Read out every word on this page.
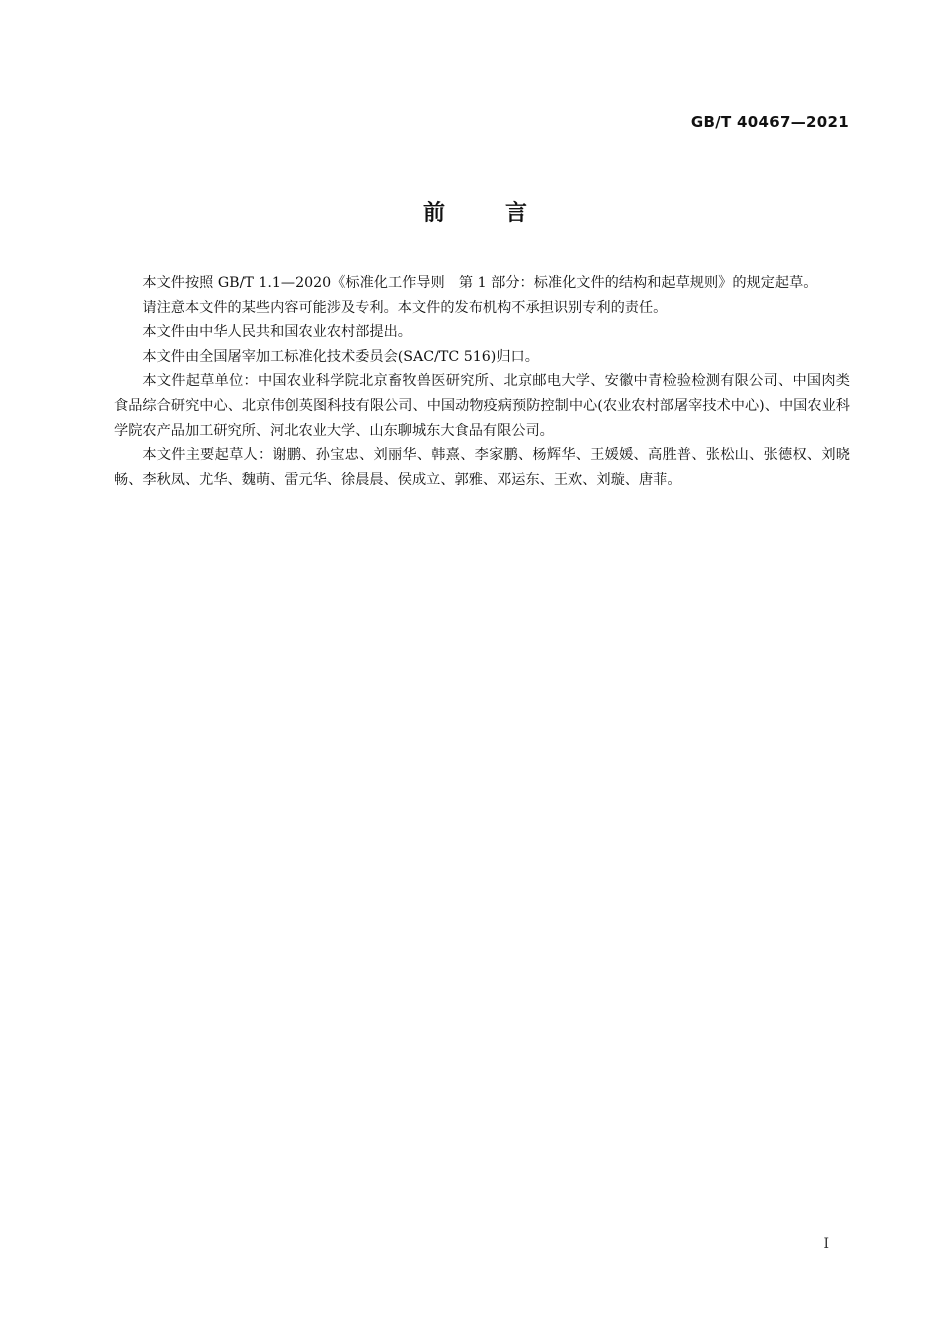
GB/T 40467—2021
前言

本文件按照 GB/T 1.1—2020《标准化工作导则　第 1 部分：标准化文件的结构和起草规则》的规定起草。

请注意本文件的某些内容可能涉及专利。本文件的发布机构不承担识别专利的责任。

本文件由中华人民共和国农业农村部提出。

本文件由全国屠宰加工标准化技术委员会(SAC/TC 516)归口。

本文件起草单位：中国农业科学院北京畜牧兽医研究所、北京邮电大学、安徽中青检验检测有限公司、中国肉类食品综合研究中心、北京伟创英图科技有限公司、中国动物疫病预防控制中心(农业农村部屠宰技术中心)、中国农业科学院农产品加工研究所、河北农业大学、山东聊城东大食品有限公司。

本文件主要起草人：谢鹏、孙宝忠、刘丽华、韩熹、李家鹏、杨辉华、王媛媛、高胜普、张松山、张德权、刘晓畅、李秋凤、尤华、魏萌、雷元华、徐晨晨、侯成立、郭雅、邓运东、王欢、刘璇、唐菲。

I
